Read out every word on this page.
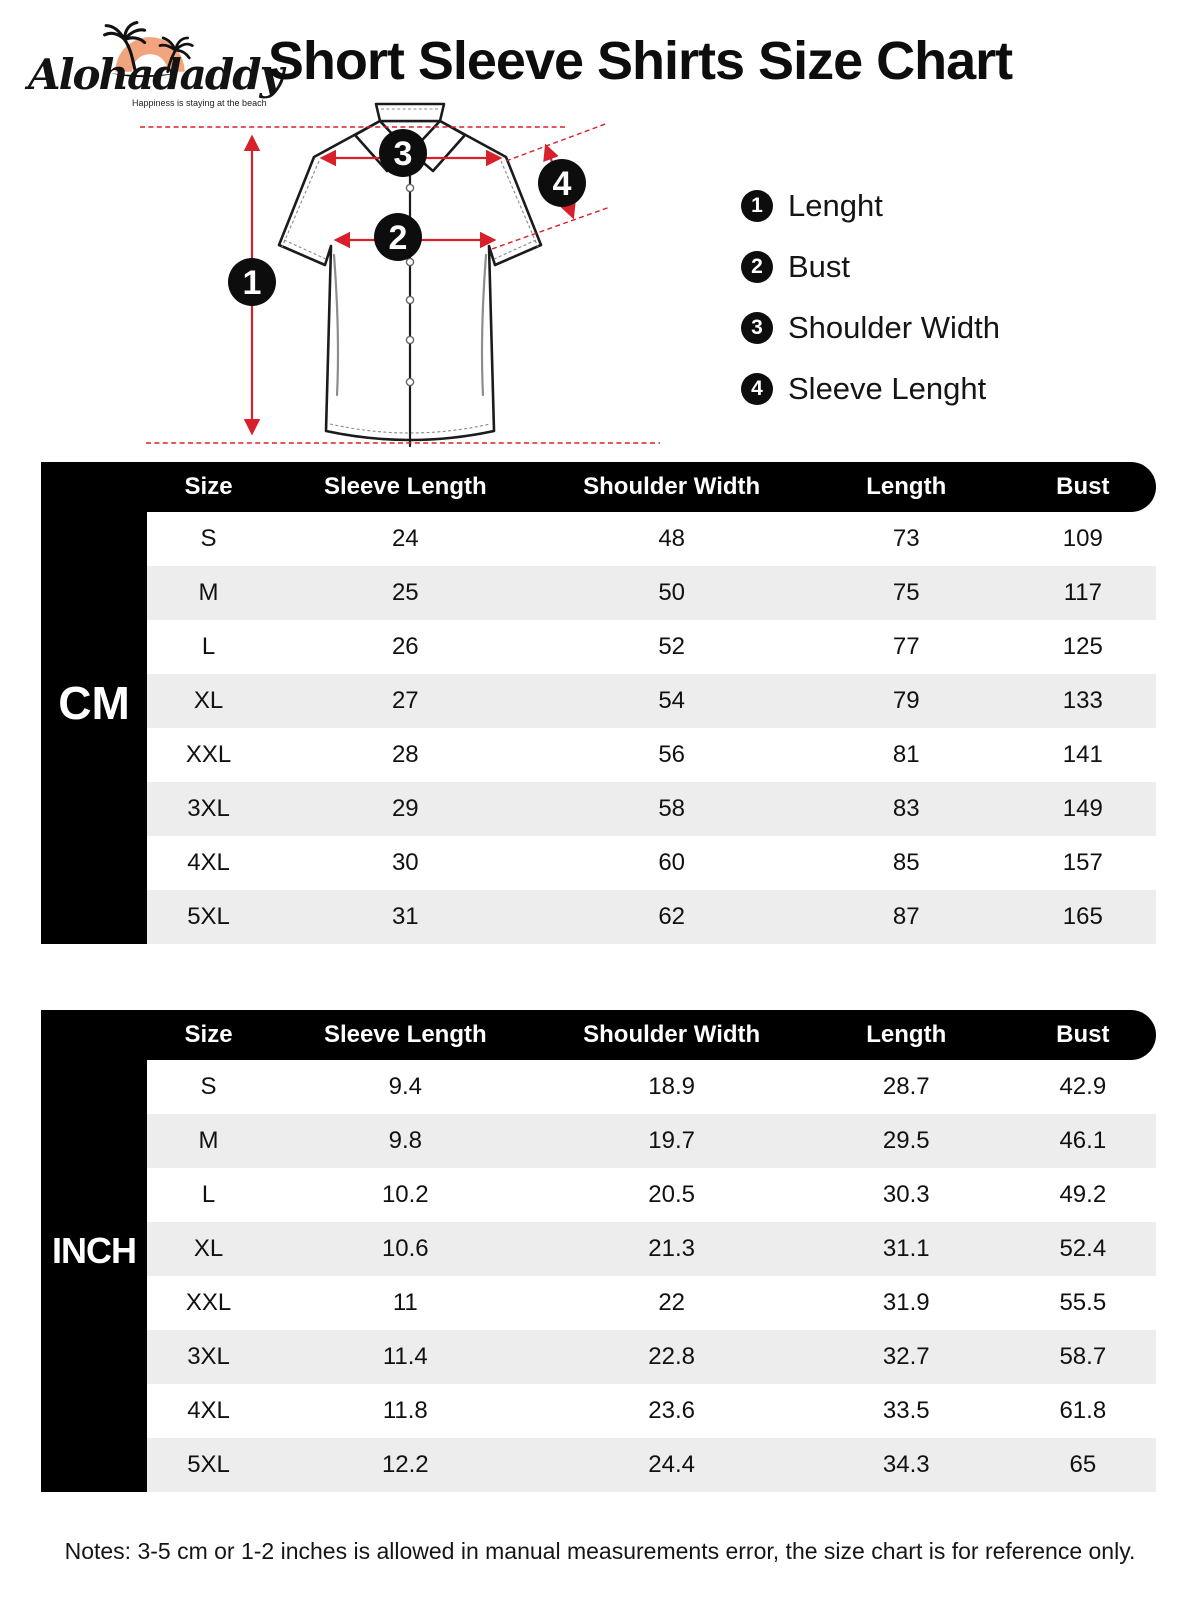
Alohadaddy
Happiness is staying at the beach
Short Sleeve Shirts Size Chart
1
2
3
4
1 Lenght
2 Bust
3 Shoulder Width
4 Sleeve Lenght
CM
Size	Sleeve Length	Shoulder Width	Length	Bust
S	24	48	73	109
M	25	50	75	117
L	26	52	77	125
XL	27	54	79	133
XXL	28	56	81	141
3XL	29	58	83	149
4XL	30	60	85	157
5XL	31	62	87	165
INCH
Size	Sleeve Length	Shoulder Width	Length	Bust
S	9.4	18.9	28.7	42.9
M	9.8	19.7	29.5	46.1
L	10.2	20.5	30.3	49.2
XL	10.6	21.3	31.1	52.4
XXL	11	22	31.9	55.5
3XL	11.4	22.8	32.7	58.7
4XL	11.8	23.6	33.5	61.8
5XL	12.2	24.4	34.3	65

Notes: 3-5 cm or 1-2 inches is allowed in manual measurements error, the size chart is for reference only.
